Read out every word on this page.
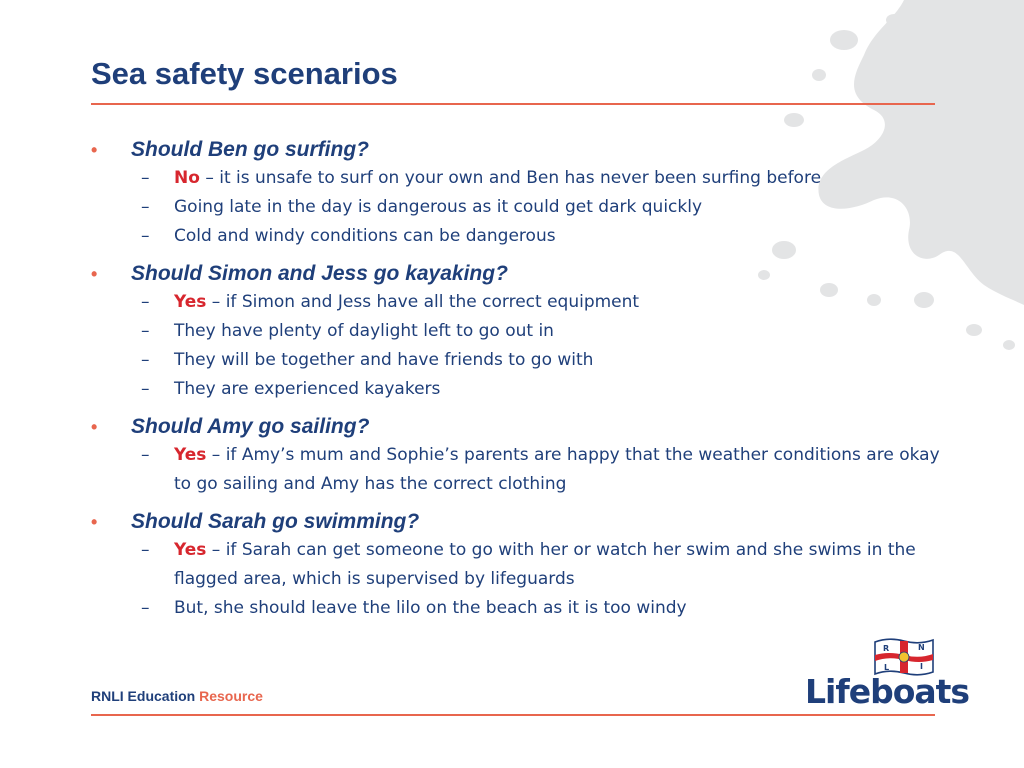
Sea safety scenarios
• Should Ben go surfing?
– No – it is unsafe to surf on your own and Ben has never been surfing before
– Going late in the day is dangerous as it could get dark quickly
– Cold and windy conditions can be dangerous
• Should Simon and Jess go kayaking?
– Yes – if Simon and Jess have all the correct equipment
– They have plenty of daylight left to go out in
– They will be together and have friends to go with
– They are experienced kayakers
• Should Amy go sailing?
– Yes – if Amy’s mum and Sophie’s parents are happy that the weather conditions are okay to go sailing and Amy has the correct clothing
• Should Sarah go swimming?
– Yes – if Sarah can get someone to go with her or watch her swim and she swims in the flagged area, which is supervised by lifeguards
– But, she should leave the lilo on the beach as it is too windy
RNLI Education Resource
R	N
L	I
Lifeboats
